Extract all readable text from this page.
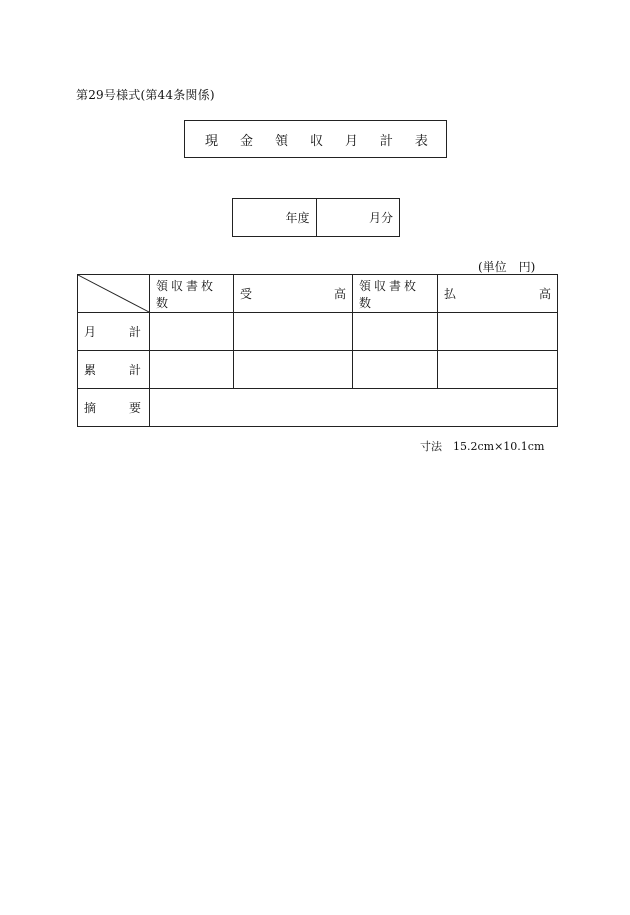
第29号様式(第44条関係)
現 金 領 収 月 計 表
年度	月分
(単位　円)
	領収書枚数	受 高	領収書枚数	払 高

月 計				

累 計				

摘 要				

寸法　15.2cm×10.1cm
